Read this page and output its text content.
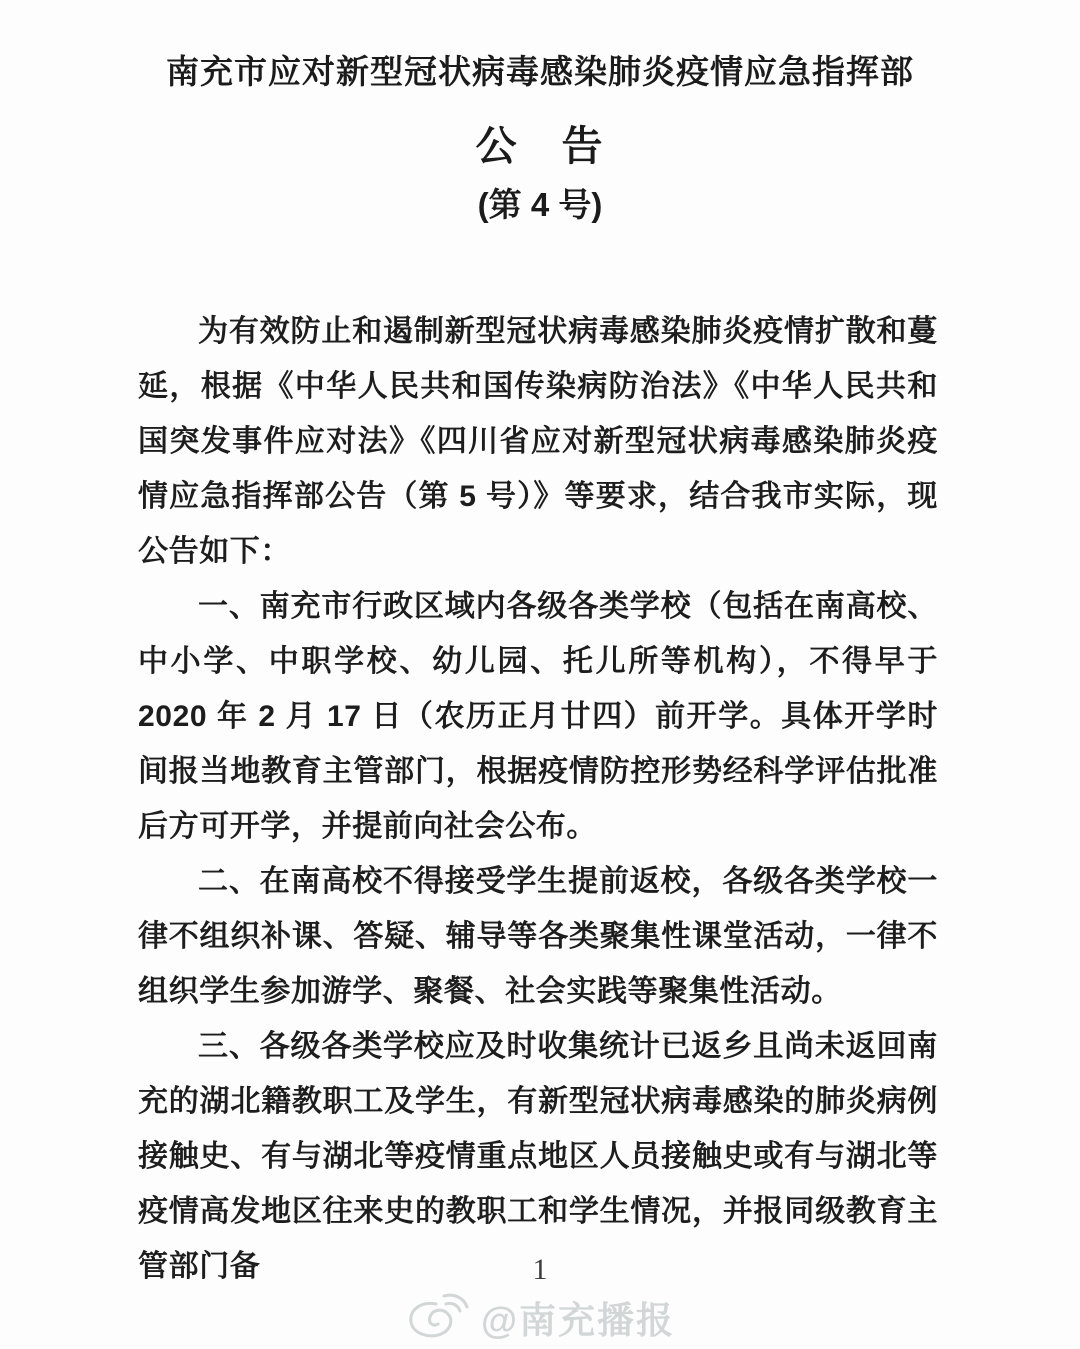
南充市应对新型冠状病毒感染肺炎疫情应急指挥部
公　告
(第 4 号)

为有效防止和遏制新型冠状病毒感染肺炎疫情扩散和蔓延，根据《中华人民共和国传染病防治法》《中华人民共和国突发事件应对法》《四川省应对新型冠状病毒感染肺炎疫情应急指挥部公告（第 5 号）》等要求，结合我市实际，现公告如下：

一、南充市行政区域内各级各类学校（包括在南高校、中小学、中职学校、幼儿园、托儿所等机构），不得早于 2020 年 2 月 17 日（农历正月廿四）前开学。具体开学时间报当地教育主管部门，根据疫情防控形势经科学评估批准后方可开学，并提前向社会公布。

二、在南高校不得接受学生提前返校，各级各类学校一律不组织补课、答疑、辅导等各类聚集性课堂活动，一律不组织学生参加游学、聚餐、社会实践等聚集性活动。

三、各级各类学校应及时收集统计已返乡且尚未返回南充的湖北籍教职工及学生，有新型冠状病毒感染的肺炎病例接触史、有与湖北等疫情重点地区人员接触史或有与湖北等疫情高发地区往来史的教职工和学生情况，并报同级教育主管部门备	1
@南充播报
